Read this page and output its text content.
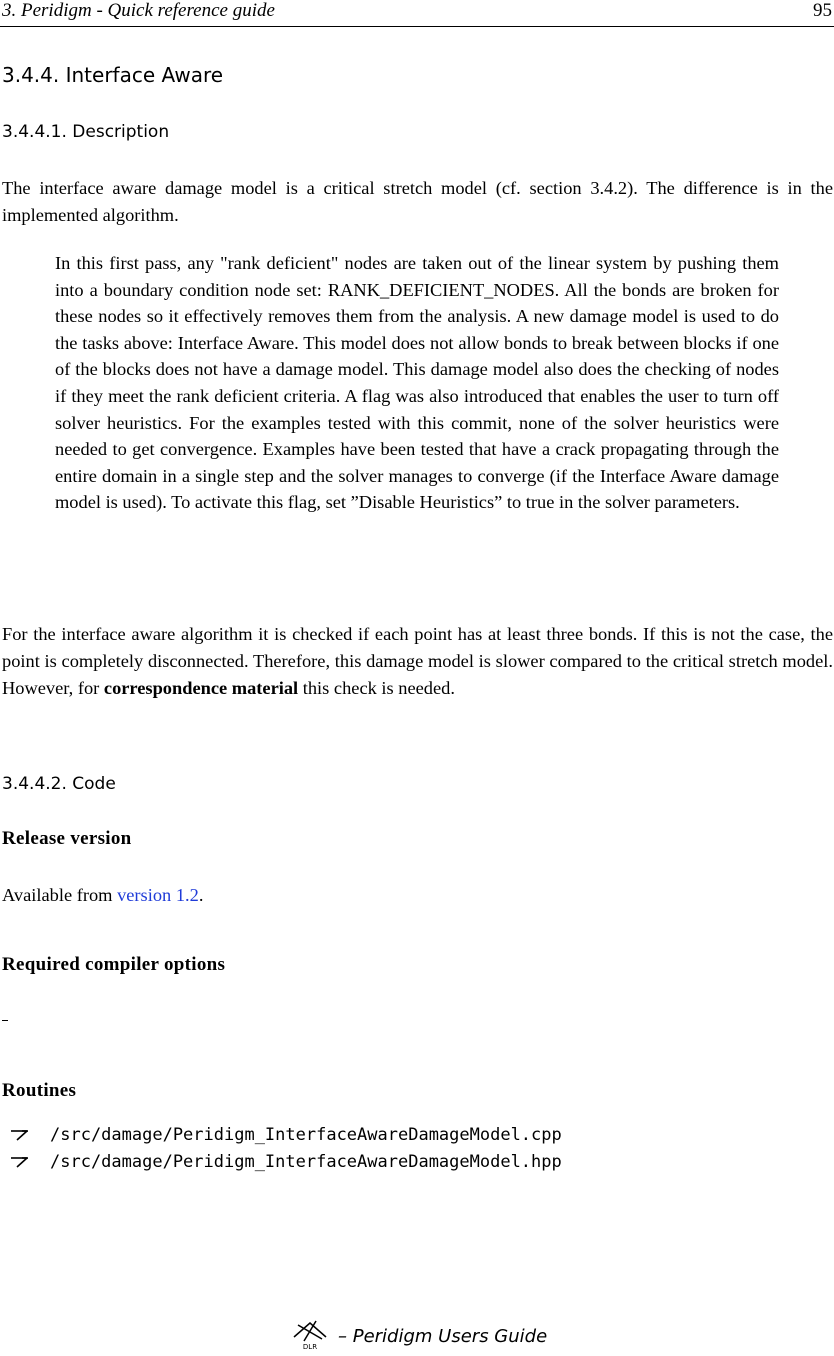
3. Peridigm - Quick reference guide	95
3.4.4. Interface Aware
3.4.4.1. Description
The interface aware damage model is a critical stretch model (cf. section 3.4.2). The difference is in the implemented algorithm.
In this first pass, any "rank deficient" nodes are taken out of the linear system by pushing them into a boundary condition node set: RANK_DEFICIENT_NODES. All the bonds are broken for these nodes so it effectively removes them from the analysis. A new damage model is used to do the tasks above: Interface Aware. This model does not allow bonds to break between blocks if one of the blocks does not have a damage model. This damage model also does the checking of nodes if they meet the rank deficient criteria. A flag was also introduced that enables the user to turn off solver heuristics. For the examples tested with this commit, none of the solver heuristics were needed to get convergence. Examples have been tested that have a crack propagating through the entire domain in a single step and the solver manages to converge (if the Interface Aware damage model is used). To activate this flag, set ”Disable Heuristics” to true in the solver parameters.
For the interface aware algorithm it is checked if each point has at least three bonds. If this is not the case, the point is completely disconnected. Therefore, this damage model is slower compared to the critical stretch model. However, for correspondence material this check is needed.
3.4.4.2. Code
Release version
Available from version 1.2.
Required compiler options
Routines
/src/damage/Peridigm_InterfaceAwareDamageModel.cpp
/src/damage/Peridigm_InterfaceAwareDamageModel.hpp
DLR – Peridigm Users Guide
